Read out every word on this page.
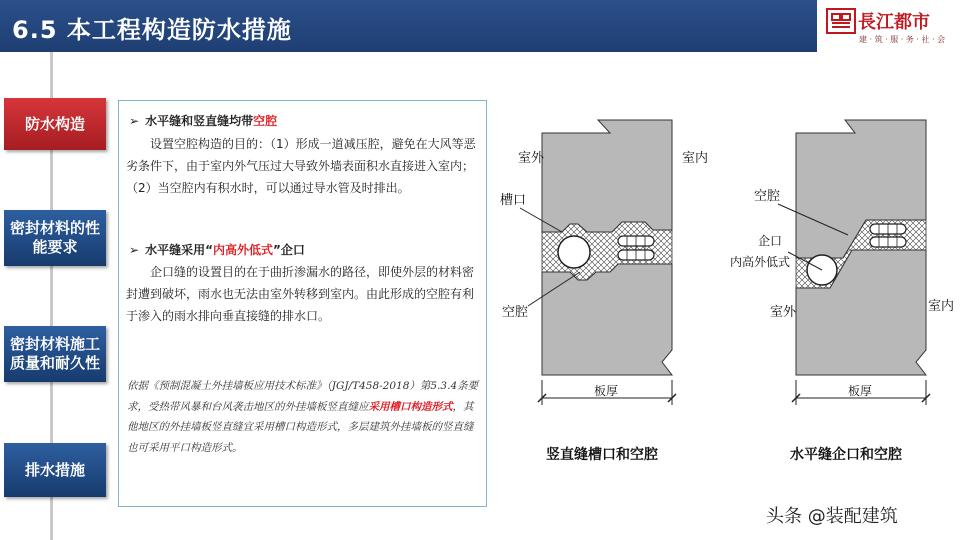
6.5 本工程构造防水措施	長江都市
建 · 筑 · 服 · 务 · 社 · 会
防水构造
密封材料的性能要求
密封材料施工质量和耐久性
排水措施
➢ 水平缝和竖直缝均带空腔
设置空腔构造的目的：（1）形成一道减压腔，避免在大风等恶劣条件下，由于室内外气压过大导致外墙表面积水直接进入室内；（2）当空腔内有积水时，可以通过导水管及时排出。
➢ 水平缝采用“内高外低式”企口
企口缝的设置目的在于曲折渗漏水的路径，即使外层的材料密封遭到破坏，雨水也无法由室外转移到室内。由此形成的空腔有利于渗入的雨水排向垂直接缝的排水口。
依据《预制混凝土外挂墙板应用技术标准》（JGJ/T458-2018）第5.3.4条要求，受热带风暴和台风袭击地区的外挂墙板竖直缝应采用槽口构造形式，其他地区的外挂墙板竖直缝宜采用槽口构造形式，多层建筑外挂墙板的竖直缝也可采用平口构造形式。
室外	室内
槽口
空腔
板厚
竖直缝槽口和空腔
空腔
企口
内高外低式
室内
室外
板厚
水平缝企口和空腔
头条 @装配建筑
